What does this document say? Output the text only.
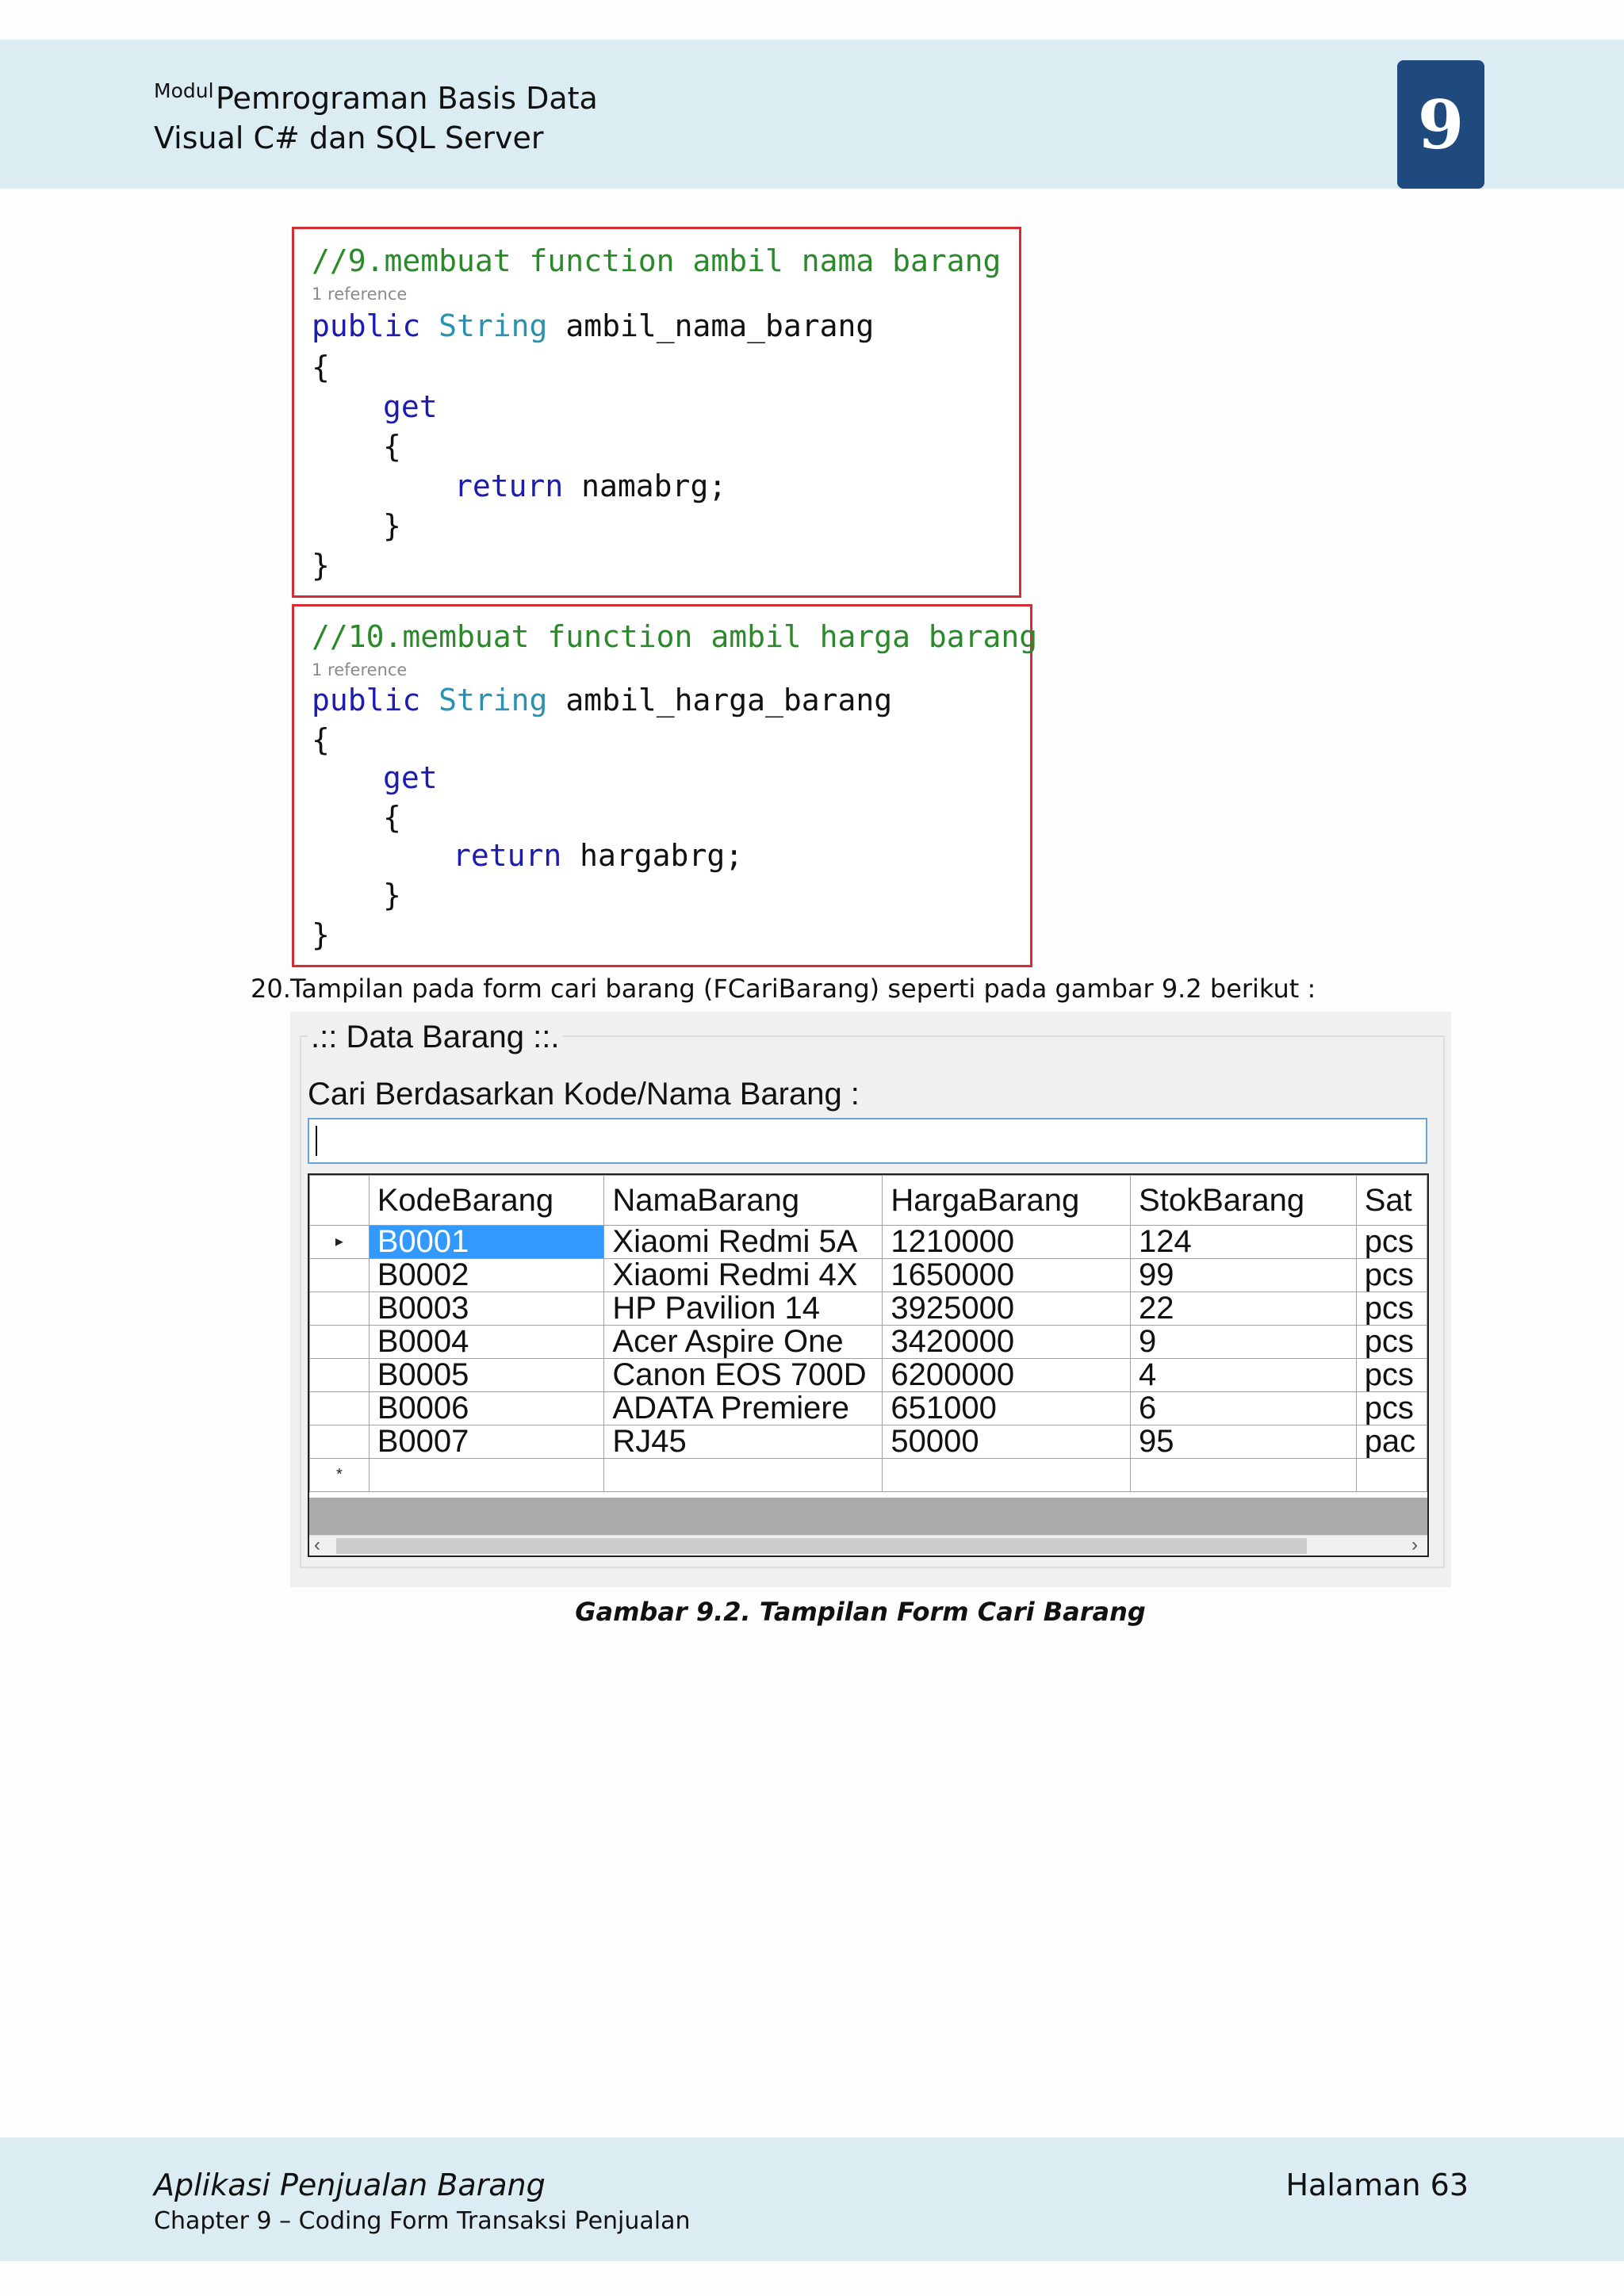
Modul Pemrograman Basis Data
Visual C# dan SQL Server	9
//9.membuat function ambil nama barang
1 reference
public String ambil_nama_barang
{
get
{
return namabrg;
}
}
//10.membuat function ambil harga barang
1 reference
public String ambil_harga_barang
{
get
{
return hargabrg;
}
}
20. Tampilan pada form cari barang (FCariBarang) seperti pada gambar 9.2 berikut :
.:: Data Barang ::.
Cari Berdasarkan Kode/Nama Barang :
	KodeBarang	NamaBarang	HargaBarang	StokBarang	Sat
▸	B0001	Xiaomi Redmi 5A	1210000	124	pcs
	B0002	Xiaomi Redmi 4X	1650000	99	pcs
	B0003	HP Pavilion 14	3925000	22	pcs
	B0004	Acer Aspire One	3420000	9	pcs
	B0005	Canon EOS 700D	6200000	4	pcs
	B0006	ADATA Premiere	651000	6	pcs
	B0007	RJ45	50000	95	pac
*					
‹	›
Gambar 9.2. Tampilan Form Cari Barang
Aplikasi Penjualan Barang
Chapter 9 – Coding Form Transaksi Penjualan
Halaman 63
